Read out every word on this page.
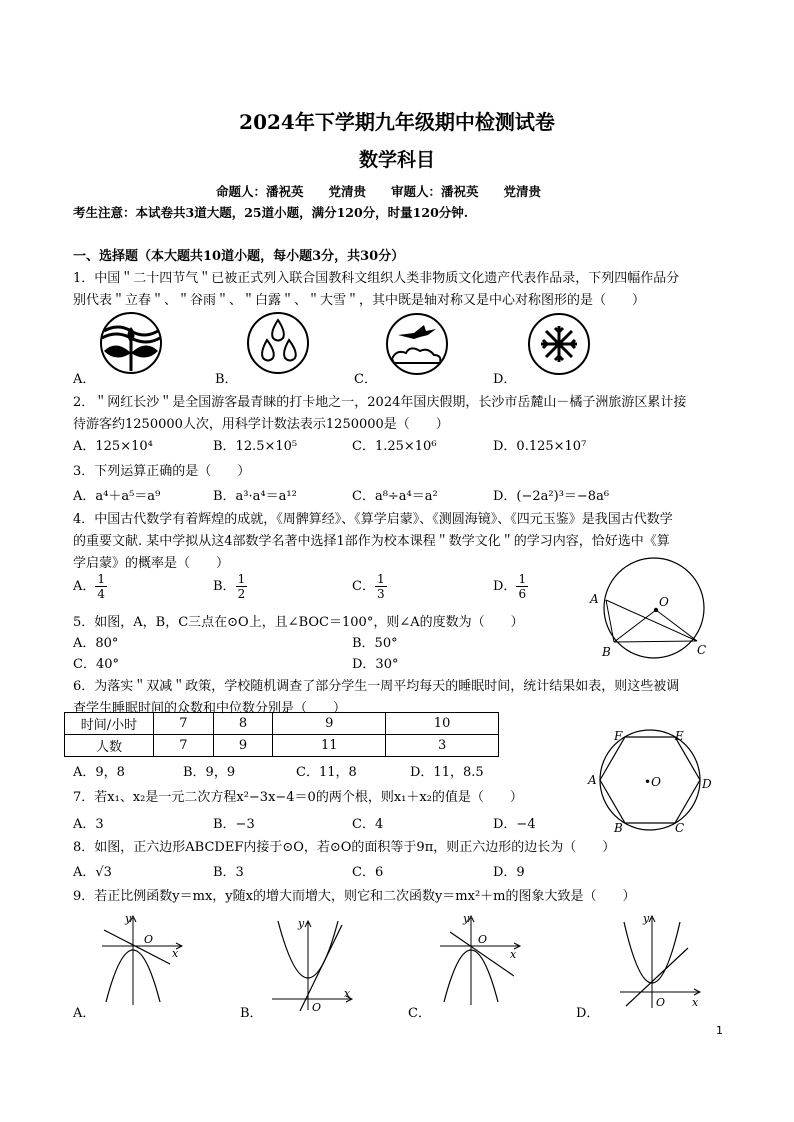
2024年下学期九年级期中检测试卷
数学科目
命题人：潘祝英　　党清贵　　审题人：潘祝英　　党清贵
考生注意：本试卷共3道大题，25道小题，满分120分，时量120分钟.
一、选择题（本大题共10道小题，每小题3分，共30分）
1．中国＂二十四节气＂已被正式列入联合国教科文组织人类非物质文化遗产代表作品录，下列四幅作品分
别代表＂立春＂、＂谷雨＂、＂白露＂、＂大雪＂，其中既是轴对称又是中心对称图形的是（　　）
A．	B．	C．	D．
2．＂网红长沙＂是全国游客最青睐的打卡地之一，2024年国庆假期，长沙市岳麓山－橘子洲旅游区累计接
待游客约1250000人次，用科学计数法表示1250000是（　　）
A．125×10⁴	B．12.5×10⁵	C．1.25×10⁶	D．0.125×10⁷
3．下列运算正确的是（　　）
A．a⁴＋a⁵＝a⁹	B．a³·a⁴＝a¹²	C．a⁸÷a⁴＝a²	D．(−2a²)³＝−8a⁶
4．中国古代数学有着辉煌的成就，《周髀算经》、《算学启蒙》、《测圆海镜》、《四元玉鉴》是我国古代数学
的重要文献. 某中学拟从这4部数学名著中选择1部作为校本课程＂数学文化＂的学习内容，恰好选中《算
学启蒙》的概率是（　　）
A． $\frac{1}{4}$	B． $\frac{1}{2}$	C． $\frac{1}{3}$	D． $\frac{1}{6}$	A	O
B	C
5．如图，A，B，C三点在⊙O上，且∠BOC＝100°，则∠A的度数为（　　）
A．80°	B．50°
C．40°	D．30°
6．为落实＂双减＂政策，学校随机调查了部分学生一周平均每天的睡眠时间，统计结果如表，则这些被调
查学生睡眠时间的众数和中位数分别是（　　）
时间/小时	7	8	9	10
人数	7	9	11	3
A．9，8	B．9，9	C．11，8	D．11，8.5
F	E
A	D
•O
B	C
7．若x₁、x₂是一元二次方程x²−3x−4＝0的两个根，则x₁＋x₂的值是（　　）
A．3	B．−3	C．4	D．−4
8．如图，正六边形ABCDEF内接于⊙O，若⊙O的面积等于9π，则正六边形的边长为（　　）
A．√3	B．3	C．6	D．9
9．若正比例函数y＝mx，y随x的增大而增大，则它和二次函数y＝mx²＋m的图象大致是（　　）
y
O
x
A．
y
O
x
B．
y
O
x
C．
y
O x
D．
1
